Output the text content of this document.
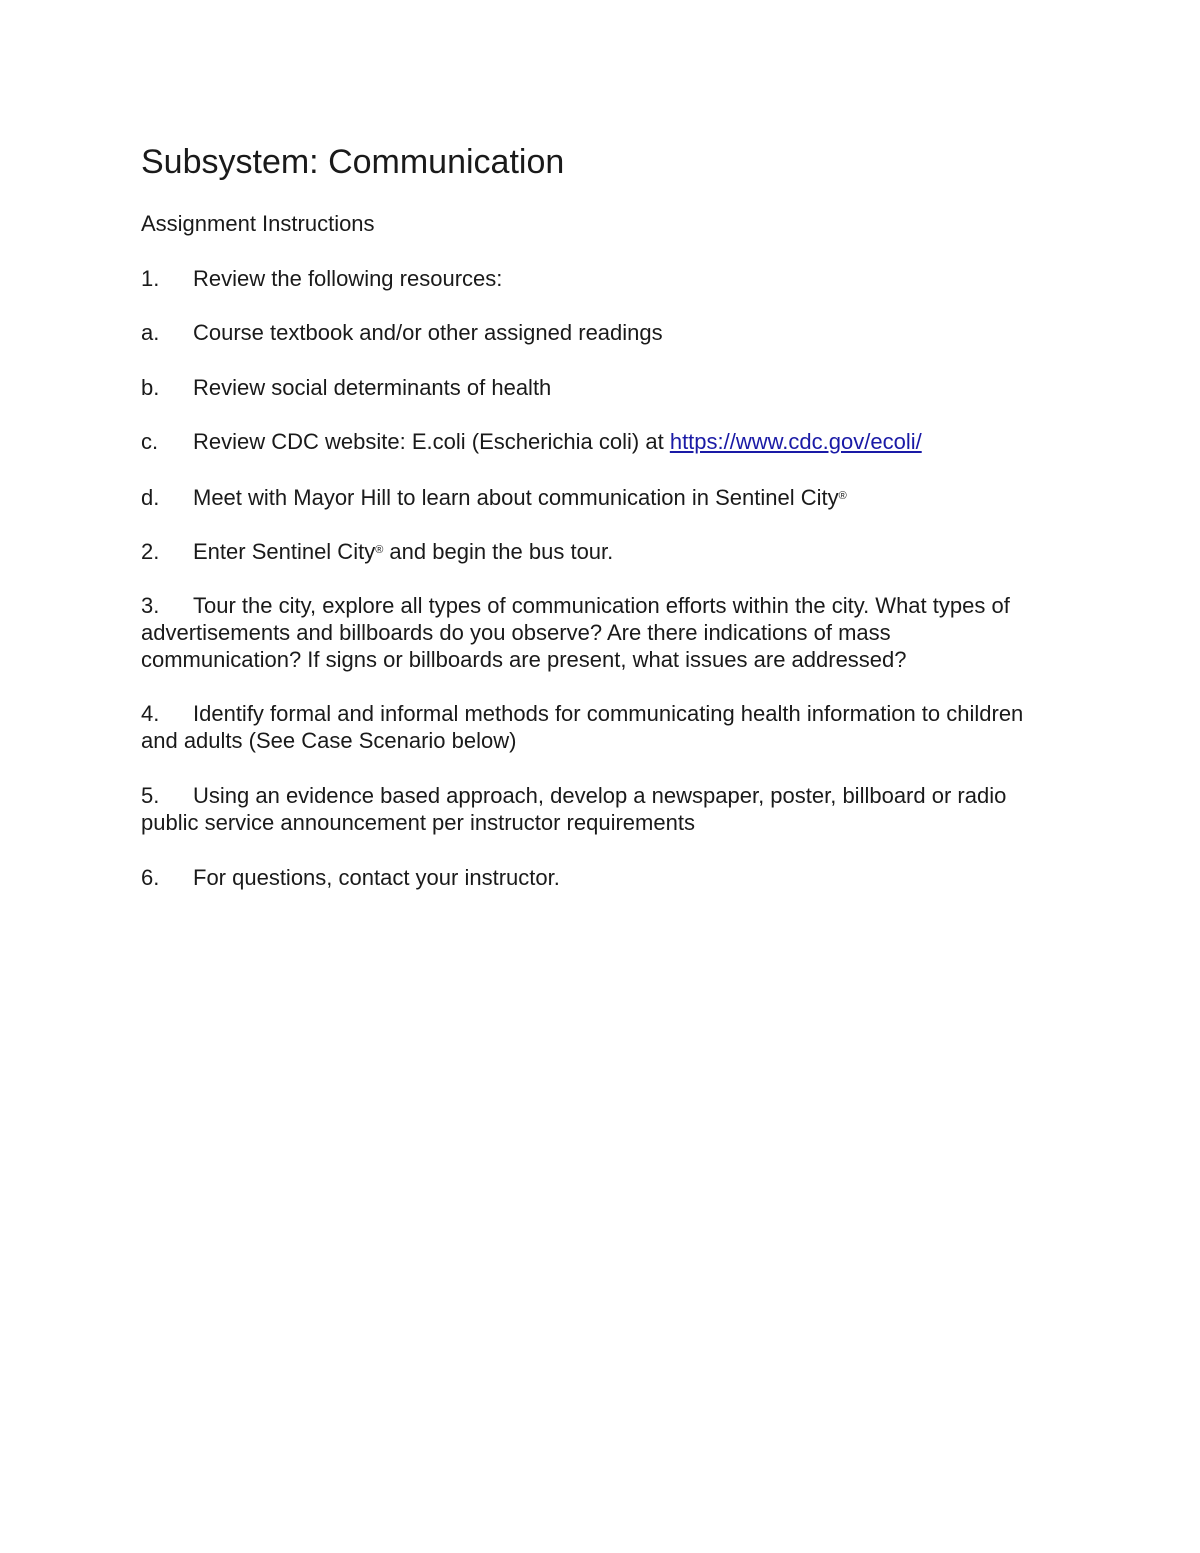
Subsystem: Communication
Assignment Instructions
1. Review the following resources:
a. Course textbook and/or other assigned readings
b. Review social determinants of health
c. Review CDC website: E.coli (Escherichia coli) at https://www.cdc.gov/ecoli/
d. Meet with Mayor Hill to learn about communication in Sentinel City®
2. Enter Sentinel City® and begin the bus tour.
3. Tour the city, explore all types of communication efforts within the city. What types of advertisements and billboards do you observe? Are there indications of mass communication? If signs or billboards are present, what issues are addressed?
4. Identify formal and informal methods for communicating health information to children and adults (See Case Scenario below)
5. Using an evidence based approach, develop a newspaper, poster, billboard or radio public service announcement per instructor requirements
6. For questions, contact your instructor.
